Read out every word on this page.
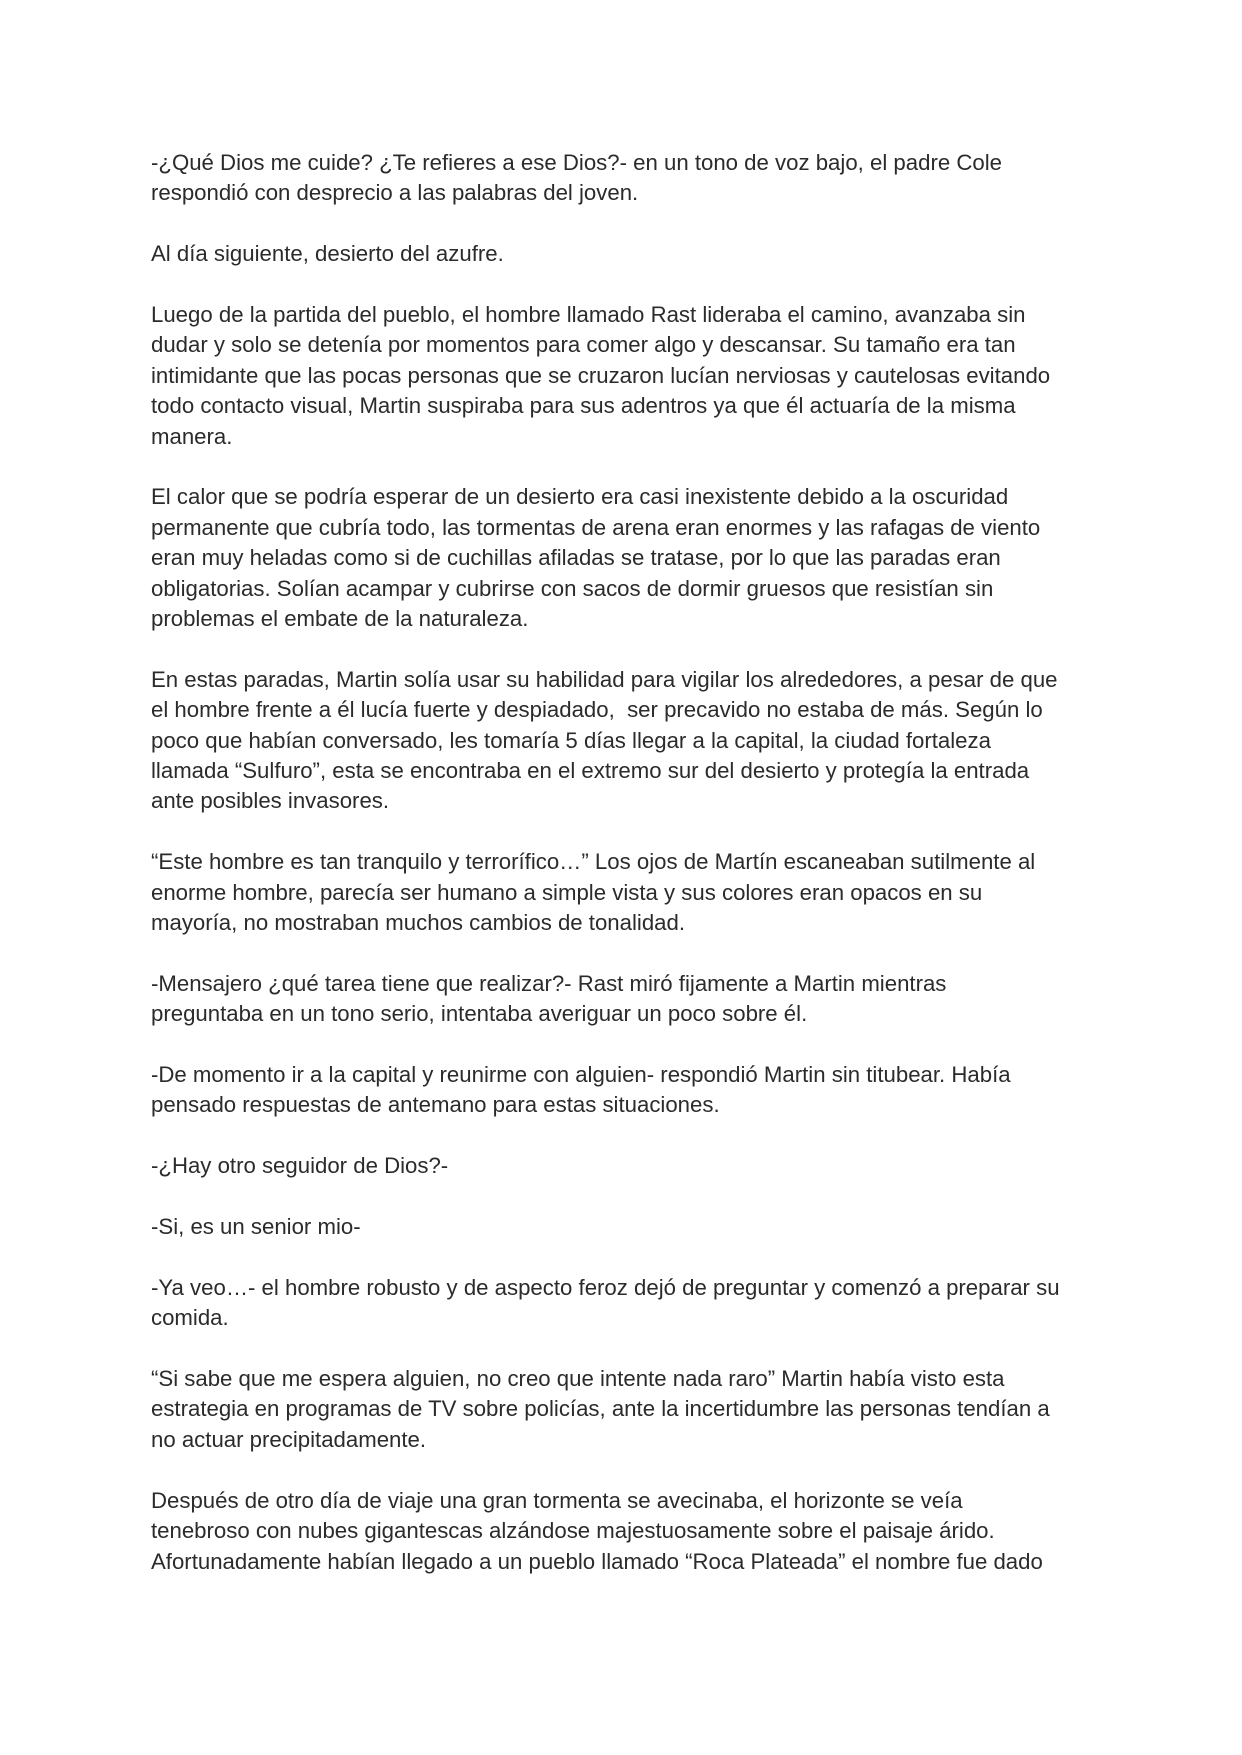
-¿Qué Dios me cuide? ¿Te refieres a ese Dios?- en un tono de voz bajo, el padre Cole
respondió con desprecio a las palabras del joven.

Al día siguiente, desierto del azufre.

Luego de la partida del pueblo, el hombre llamado Rast lideraba el camino, avanzaba sin
dudar y solo se detenía por momentos para comer algo y descansar. Su tamaño era tan
intimidante que las pocas personas que se cruzaron lucían nerviosas y cautelosas evitando
todo contacto visual, Martin suspiraba para sus adentros ya que él actuaría de la misma
manera.

El calor que se podría esperar de un desierto era casi inexistente debido a la oscuridad
permanente que cubría todo, las tormentas de arena eran enormes y las rafagas de viento
eran muy heladas como si de cuchillas afiladas se tratase, por lo que las paradas eran
obligatorias. Solían acampar y cubrirse con sacos de dormir gruesos que resistían sin
problemas el embate de la naturaleza.

En estas paradas, Martin solía usar su habilidad para vigilar los alrededores, a pesar de que
el hombre frente a él lucía fuerte y despiadado,  ser precavido no estaba de más. Según lo
poco que habían conversado, les tomaría 5 días llegar a la capital, la ciudad fortaleza
llamada “Sulfuro”, esta se encontraba en el extremo sur del desierto y protegía la entrada
ante posibles invasores.

“Este hombre es tan tranquilo y terrorífico…” Los ojos de Martín escaneaban sutilmente al
enorme hombre, parecía ser humano a simple vista y sus colores eran opacos en su
mayoría, no mostraban muchos cambios de tonalidad.

-Mensajero ¿qué tarea tiene que realizar?- Rast miró fijamente a Martin mientras
preguntaba en un tono serio, intentaba averiguar un poco sobre él.

-De momento ir a la capital y reunirme con alguien- respondió Martin sin titubear. Había
pensado respuestas de antemano para estas situaciones.

-¿Hay otro seguidor de Dios?-

-Si, es un senior mio-

-Ya veo…- el hombre robusto y de aspecto feroz dejó de preguntar y comenzó a preparar su
comida.

“Si sabe que me espera alguien, no creo que intente nada raro” Martin había visto esta
estrategia en programas de TV sobre policías, ante la incertidumbre las personas tendían a
no actuar precipitadamente.

Después de otro día de viaje una gran tormenta se avecinaba, el horizonte se veía
tenebroso con nubes gigantescas alzándose majestuosamente sobre el paisaje árido.
Afortunadamente habían llegado a un pueblo llamado “Roca Plateada” el nombre fue dado
